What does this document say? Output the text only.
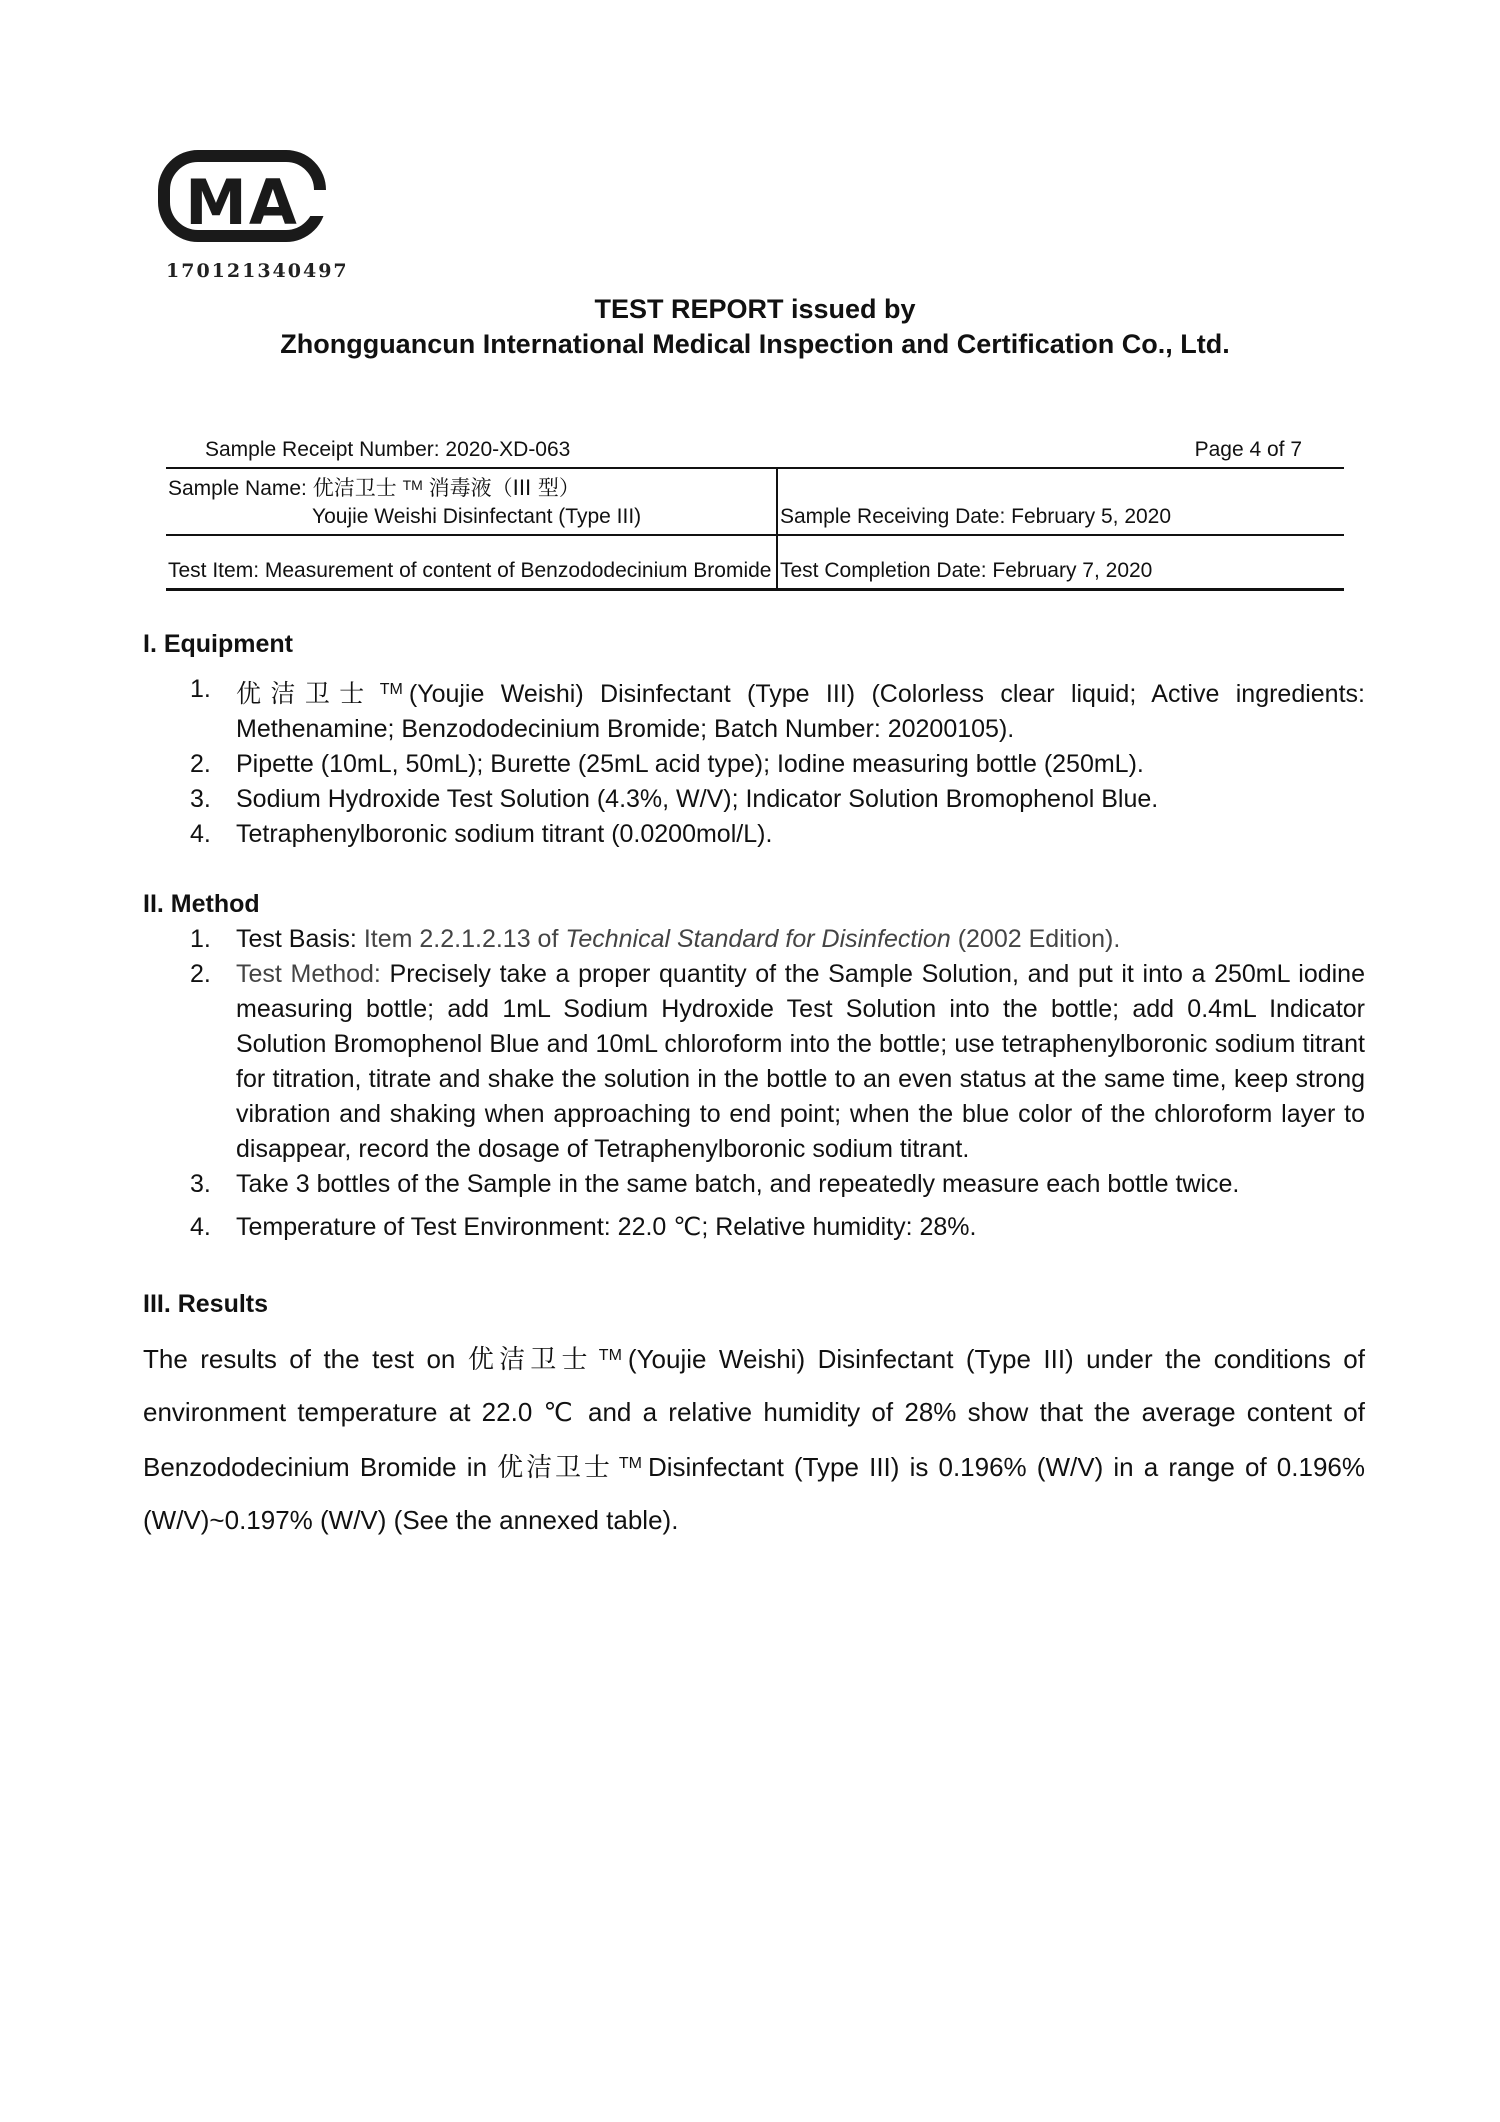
MA
170121340497
TEST REPORT issued by
Zhongguancun International Medical Inspection and Certification Co., Ltd.
Sample Receipt Number: 2020-XD-063	Page 4 of 7
Sample Name: 优洁卫士 ™ 消毒液（III 型）
Youjie Weishi Disinfectant (Type III)	Sample Receiving Date: February 5, 2020
Test Item: Measurement of content of Benzododecinium Bromide Test Completion Date: February 7, 2020
I. Equipment
1. 优洁卫士 ™ (Youjie Weishi) Disinfectant (Type III) (Colorless clear liquid; Active ingredients: Methenamine; Benzododecinium Bromide; Batch Number: 20200105).
2. Pipette (10mL, 50mL); Burette (25mL acid type); Iodine measuring bottle (250mL).
3. Sodium Hydroxide Test Solution (4.3%, W/V); Indicator Solution Bromophenol Blue.
4. Tetraphenylboronic sodium titrant (0.0200mol/L).
II. Method
1. Test Basis: Item 2.2.1.2.13 of Technical Standard for Disinfection (2002 Edition).
2. Test Method: Precisely take a proper quantity of the Sample Solution, and put it into a 250mL iodine measuring bottle; add 1mL Sodium Hydroxide Test Solution into the bottle; add 0.4mL Indicator Solution Bromophenol Blue and 10mL chloroform into the bottle; use tetraphenylboronic sodium titrant for titration, titrate and shake the solution in the bottle to an even status at the same time, keep strong vibration and shaking when approaching to end point; when the blue color of the chloroform layer to disappear, record the dosage of Tetraphenylboronic sodium titrant.
3. Take 3 bottles of the Sample in the same batch, and repeatedly measure each bottle twice.
4. Temperature of Test Environment: 22.0 ℃; Relative humidity: 28%.
III. Results
The results of the test on 优洁卫士 ™ (Youjie Weishi) Disinfectant (Type III) under the conditions of environment temperature at 22.0 ℃ and a relative humidity of 28% show that the average content of Benzododecinium Bromide in 优洁卫士 ™ Disinfectant (Type III) is 0.196% (W/V) in a range of 0.196% (W/V)~0.197% (W/V) (See the annexed table).
